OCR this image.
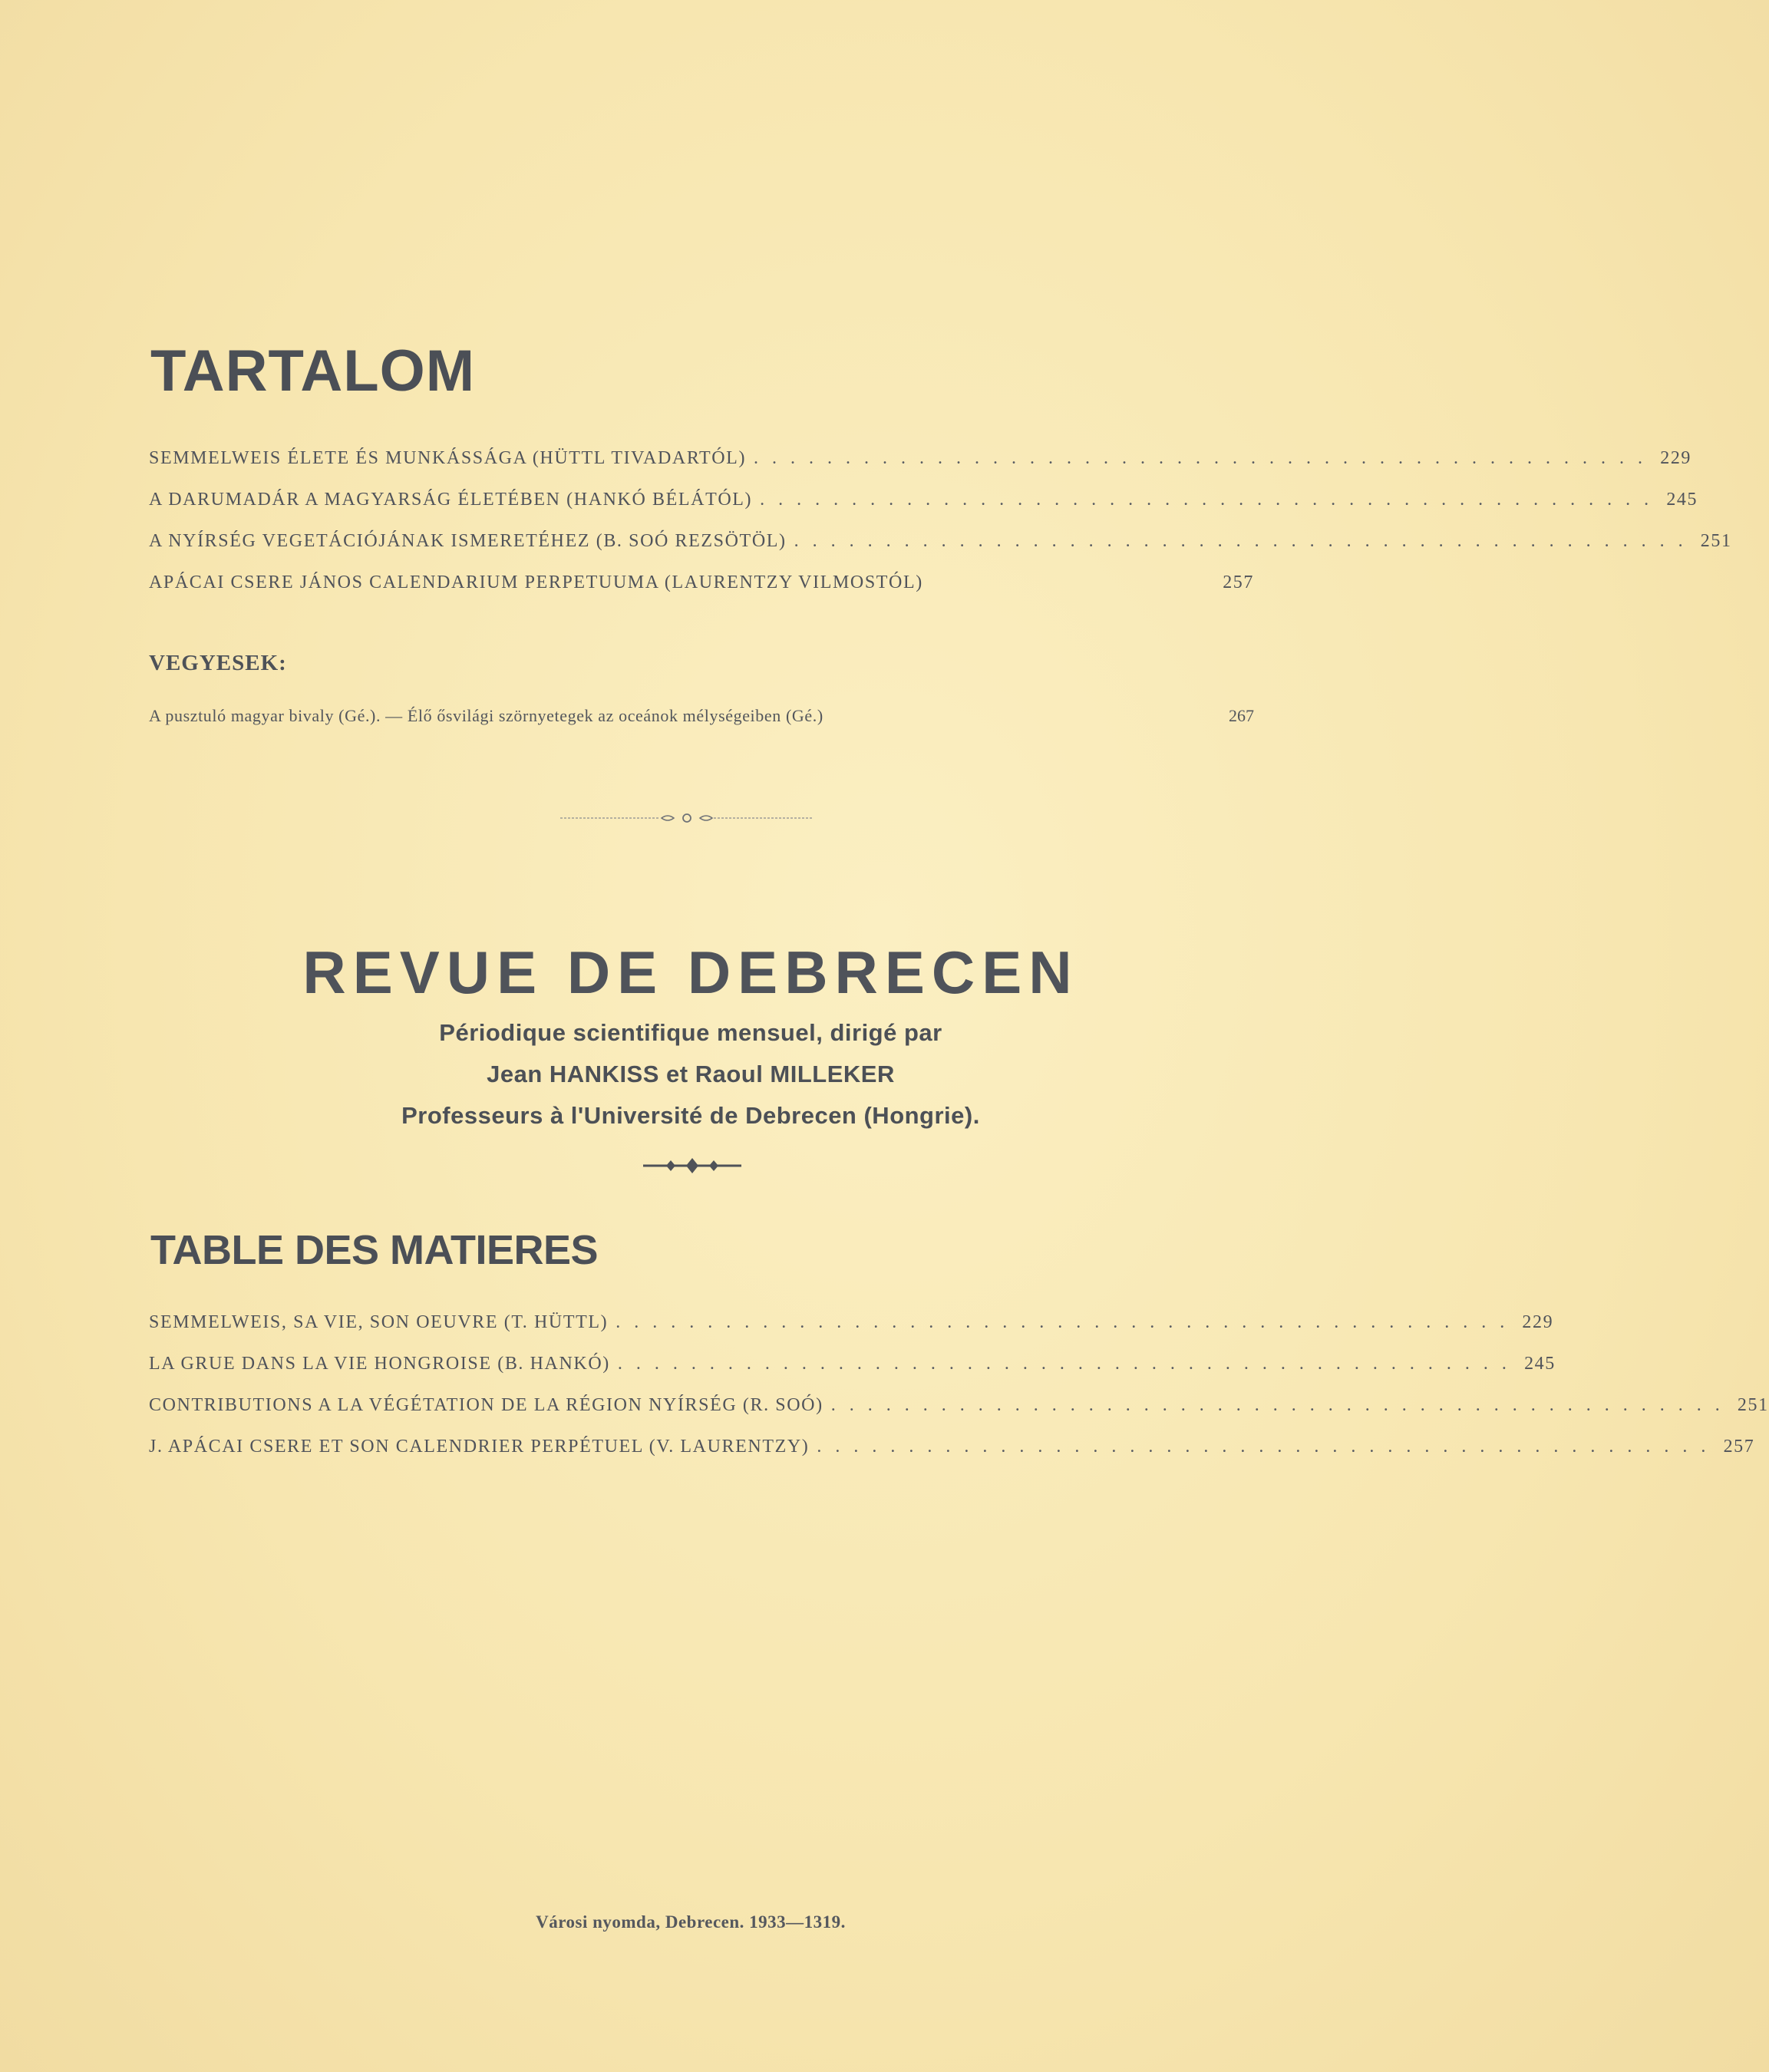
TARTALOM
SEMMELWEIS ÉLETE ÉS MUNKÁSSÁGA (HÜTTL TIVADARTÓL) . . . . . . . . . . . . . . . . . . . . . . . . . . . . . . . . . . . . . . . . . . . . . . . . . 229
A DARUMADÁR A MAGYARSÁG ÉLETÉBEN (HANKÓ BÉLÁTÓL) . . . . . . . . . . . . . . . . . . . . . . . . . . . . . . . . . . . . . . . . . . . . . . . . . 245
A NYÍRSÉG VEGETÁCIÓJÁNAK ISMERETÉHEZ (B. SOÓ REZSÖTÖL) . . . . . . . . . . . . . . . . . . . . . . . . . . . . . . . . . . . . . . . . . . . . . . . . . 251
APÁCAI CSERE JÁNOS CALENDARIUM PERPETUUMA (LAURENTZY VILMOSTÓL)	257
VEGYESEK:
A pusztuló magyar bivaly (Gé.). — Élő ősvilági szörnyetegek az oceánok mélységeiben (Gé.)	267
REVUE DE DEBRECEN
Périodique scientifique mensuel, dirigé par
Jean HANKISS et Raoul MILLEKER
Professeurs à l'Université de Debrecen (Hongrie).
TABLE DES MATIERES
SEMMELWEIS, SA VIE, SON OEUVRE (T. HÜTTL) . . . . . . . . . . . . . . . . . . . . . . . . . . . . . . . . . . . . . . . . . . . . . . . . . 229
LA GRUE DANS LA VIE HONGROISE (B. HANKÓ) . . . . . . . . . . . . . . . . . . . . . . . . . . . . . . . . . . . . . . . . . . . . . . . . . 245
CONTRIBUTIONS A LA VÉGÉTATION DE LA RÉGION NYÍRSÉG (R. SOÓ) . . . . . . . . . . . . . . . . . . . . . . . . . . . . . . . . . . . . . . . . . . . . . . . . . 251
J. APÁCAI CSERE ET SON CALENDRIER PERPÉTUEL (V. LAURENTZY) . . . . . . . . . . . . . . . . . . . . . . . . . . . . . . . . . . . . . . . . . . . . . . . . . 257
Városi nyomda, Debrecen. 1933—1319.
